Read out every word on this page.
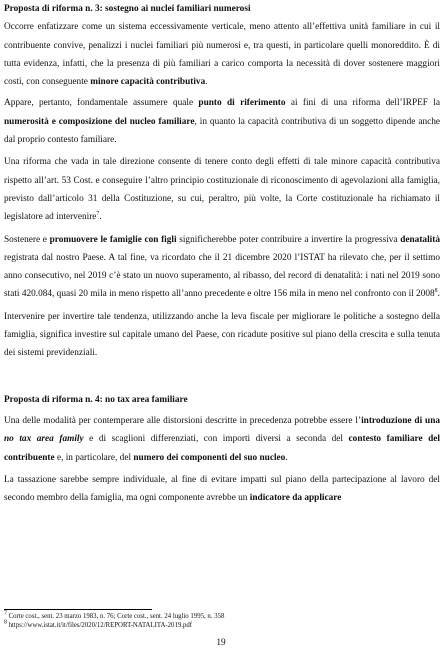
Proposta di riforma n. 3: sostegno ai nuclei familiari numerosi

Occorre enfatizzare come un sistema eccessivamente verticale, meno attento all’effettiva unità familiare in cui il contribuente convive, penalizzi i nuclei familiari più numerosi e, tra questi, in particolare quelli monoreddito. È di tutta evidenza, infatti, che la presenza di più familiari a carico comporta la necessità di dover sostenere maggiori costi, con conseguente minore capacità contributiva.

Appare, pertanto, fondamentale assumere quale punto di riferimento ai fini di una riforma dell’IRPEF la numerosità e composizione del nucleo familiare, in quanto la capacità contributiva di un soggetto dipende anche dal proprio contesto familiare.

Una riforma che vada in tale direzione consente di tenere conto degli effetti di tale minore capacità contributiva rispetto all’art. 53 Cost. e conseguire l’altro principio costituzionale di riconoscimento di agevolazioni alla famiglia, previsto dall’articolo 31 della Costituzione, su cui, peraltro, più volte, la Corte costituzionale ha richiamato il legislatore ad intervenire$^7$.

Sostenere e promuovere le famiglie con figli significherebbe poter contribuire a invertire la progressiva denatalità registrata dal nostro Paese. A tal fine, va ricordato che il 21 dicembre 2020 l’ISTAT ha rilevato che, per il settimo anno consecutivo, nel 2019 c’è stato un nuovo superamento, al ribasso, del record di denatalità: i nati nel 2019 sono stati 420.084, quasi 20 mila in meno rispetto all’anno precedente e oltre 156 mila in meno nel confronto con il 2008$^8$.

Intervenire per invertire tale tendenza, utilizzando anche la leva fiscale per migliorare le politiche a sostegno della famiglia, significa investire sul capitale umano del Paese, con ricadute positive sul piano della crescita e sulla tenuta dei sistemi previdenziali.

Proposta di riforma n. 4: no tax area familiare

Una delle modalità per contemperare alle distorsioni descritte in precedenza potrebbe essere l’introduzione di una no tax area family e di scaglioni differenziati, con importi diversi a seconda del contesto familiare del contribuente e, in particolare, del numero dei componenti del suo nucleo.

La tassazione sarebbe sempre individuale, al fine di evitare impatti sul piano della partecipazione al lavoro del secondo membro della famiglia, ma ogni componente avrebbe un indicatore da applicare

$^7$ Corte cost., sent. 23 marzo 1983, n. 76; Corte cost., sent. 24 luglio 1995, n. 358
$^8$ https://www.istat.it/it/files/2020/12/REPORT-NATALITA-2019.pdf
19
